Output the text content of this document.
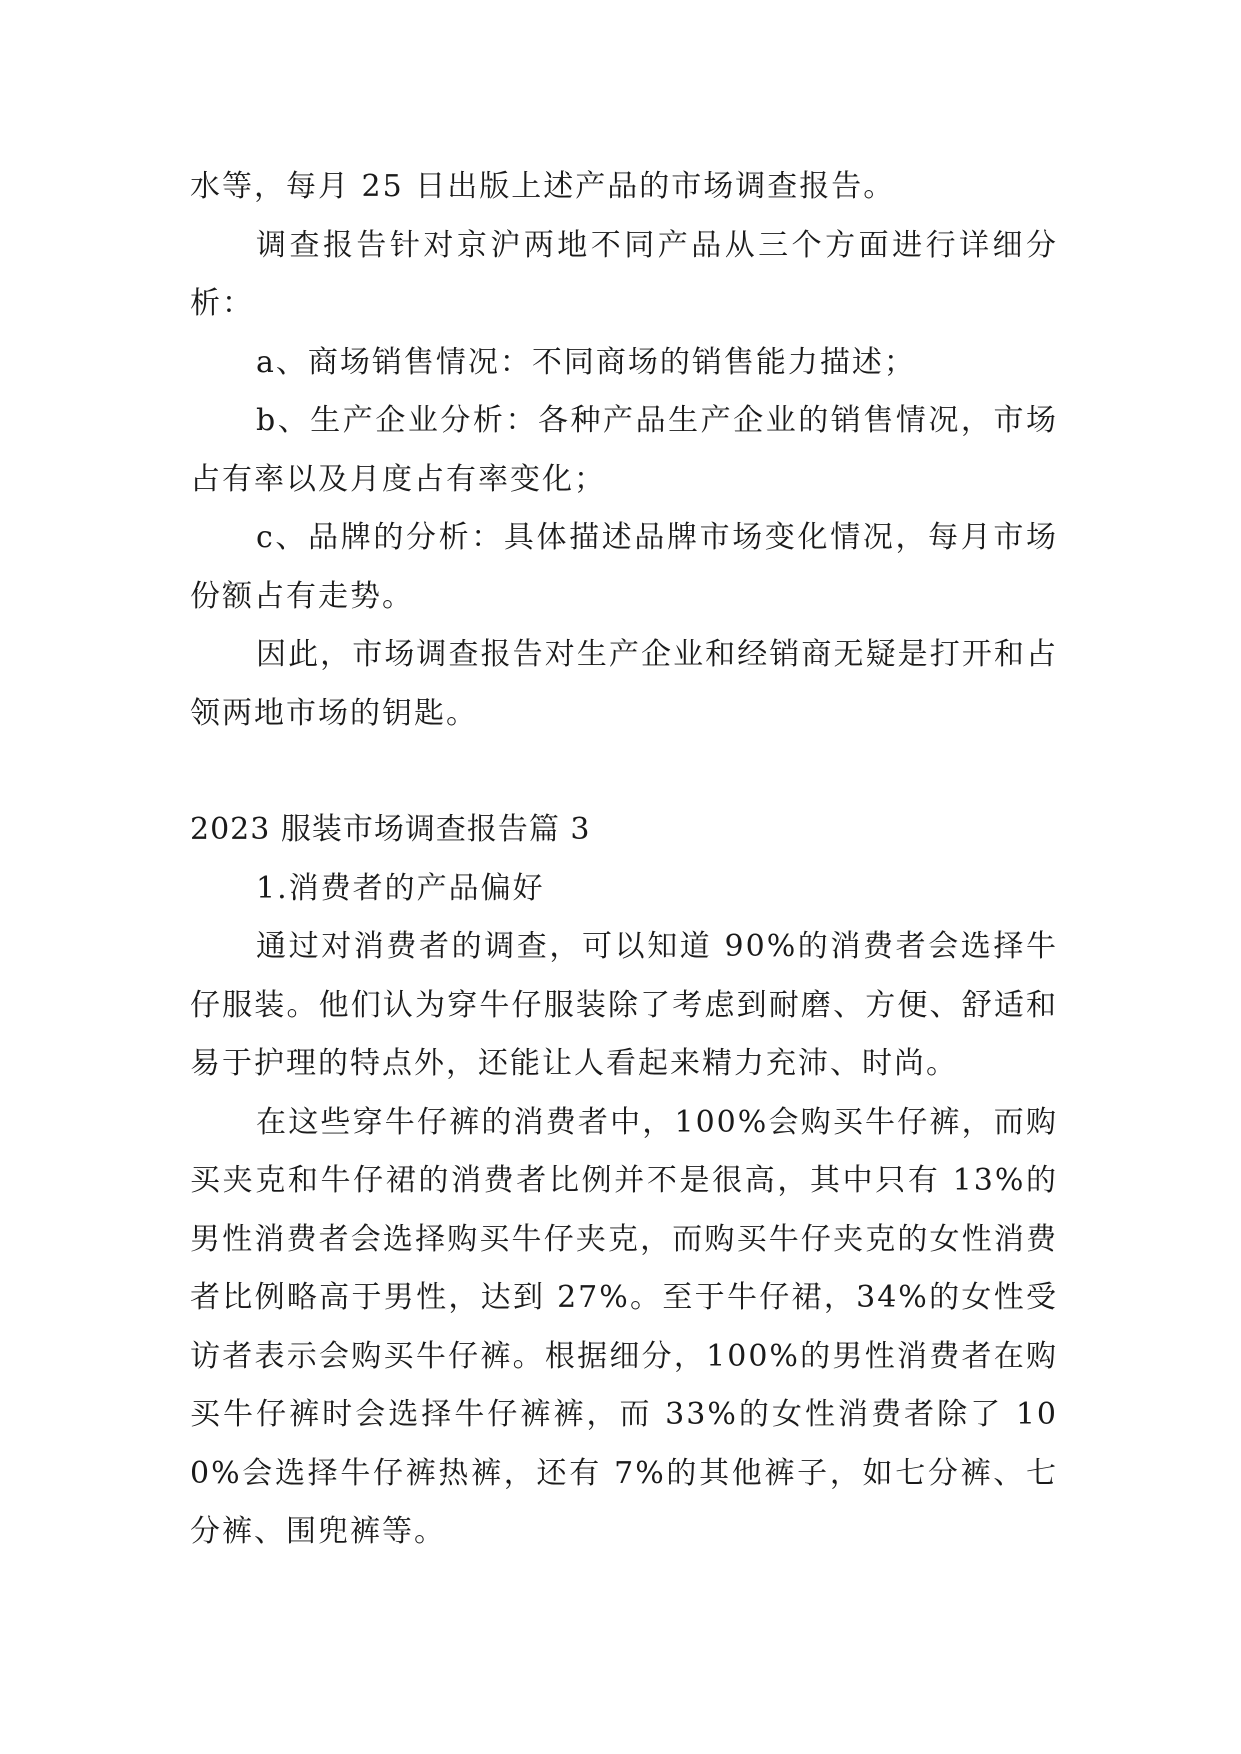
水等，每月 25 日出版上述产品的市场调查报告。

调查报告针对京沪两地不同产品从三个方面进行详细分析：

a、商场销售情况：不同商场的销售能力描述；

b、生产企业分析：各种产品生产企业的销售情况，市场占有率以及月度占有率变化；

c、品牌的分析：具体描述品牌市场变化情况，每月市场份额占有走势。

因此，市场调查报告对生产企业和经销商无疑是打开和占领两地市场的钥匙。

2023 服装市场调查报告篇 3

1.消费者的产品偏好

通过对消费者的调查，可以知道 90%的消费者会选择牛仔服装。他们认为穿牛仔服装除了考虑到耐磨、方便、舒适和易于护理的特点外，还能让人看起来精力充沛、时尚。

在这些穿牛仔裤的消费者中，100%会购买牛仔裤，而购买夹克和牛仔裙的消费者比例并不是很高，其中只有 13%的男性消费者会选择购买牛仔夹克，而购买牛仔夹克的女性消费者比例略高于男性，达到 27%。至于牛仔裙，34%的女性受访者表示会购买牛仔裤。根据细分，100%的男性消费者在购买牛仔裤时会选择牛仔裤裤，而 33%的女性消费者除了 100%会选择牛仔裤热裤，还有 7%的其他裤子，如七分裤、七分裤、围兜裤等。
